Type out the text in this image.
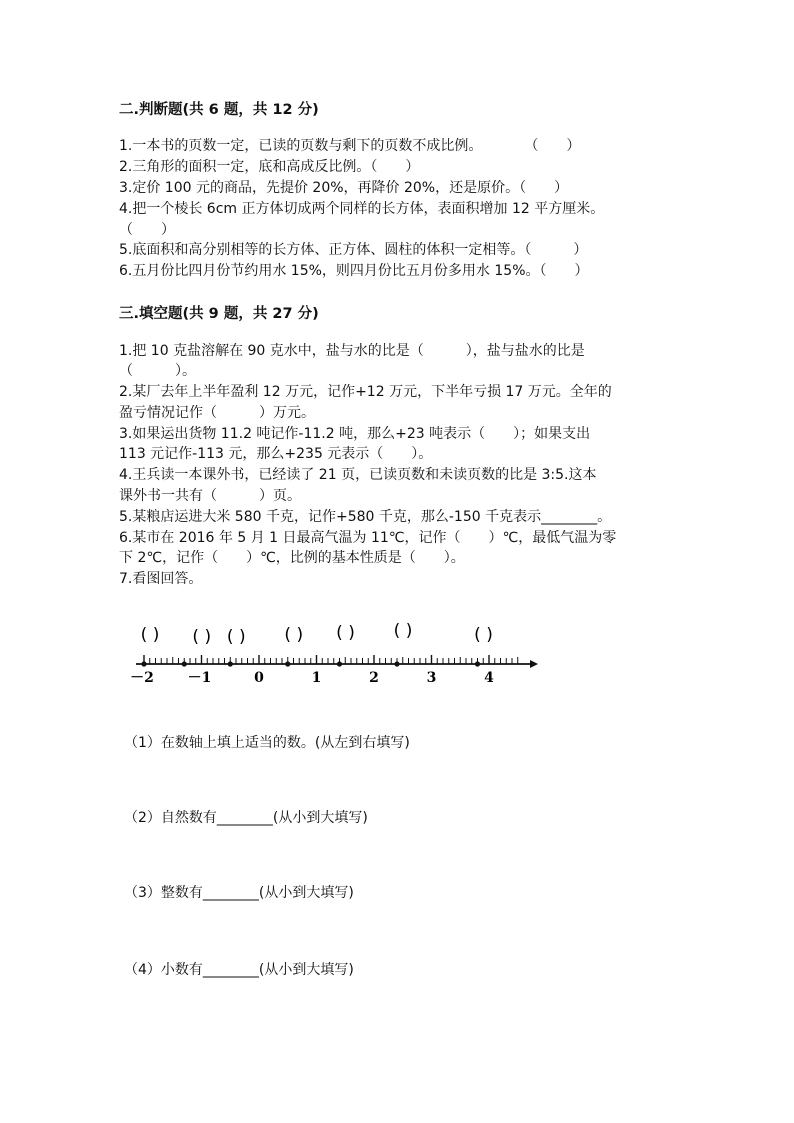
二.判断题(共 6 题，共 12 分)
1.一本书的页数一定，已读的页数与剩下的页数不成比例。　　　　（　　）
2.三角形的面积一定，底和高成反比例。（　　）
3.定价 100 元的商品，先提价 20%，再降价 20%，还是原价。（　　）
4.把一个棱长 6cm 正方体切成两个同样的长方体，表面积增加 12 平方厘米。
（　　）
5.底面积和高分别相等的长方体、正方体、圆柱的体积一定相等。（　　　）
6.五月份比四月份节约用水 15%，则四月份比五月份多用水 15%。（　　）
三.填空题(共 9 题，共 27 分)
1.把 10 克盐溶解在 90 克水中，盐与水的比是（　　　），盐与盐水的比是
（　　　）。
2.某厂去年上半年盈利 12 万元，记作+12 万元，下半年亏损 17 万元。全年的
盈亏情况记作（　　　）万元。
3.如果运出货物 11.2 吨记作-11.2 吨，那么+23 吨表示（　　）；如果支出
113 元记作-113 元，那么+235 元表示（　　）。
4.王兵读一本课外书，已经读了 21 页，已读页数和未读页数的比是 3:5.这本
课外书一共有（　　　）页。
5.某粮店运进大米 580 千克，记作+580 千克，那么-150 千克表示________。
6.某市在 2016 年 5 月 1 日最高气温为 11℃，记作（　　）℃，最低气温为零
下 2℃，记作（　　）℃，比例的基本性质是（　　）。
7.看图回答。
( ) ( ) ( ) ( ) ( ) ( )	( )
－2 －1	0	1	2	3	4
（1）在数轴上填上适当的数。(从左到右填写)
（2）自然数有________(从小到大填写)
（3）整数有________(从小到大填写)
（4）小数有________(从小到大填写)
